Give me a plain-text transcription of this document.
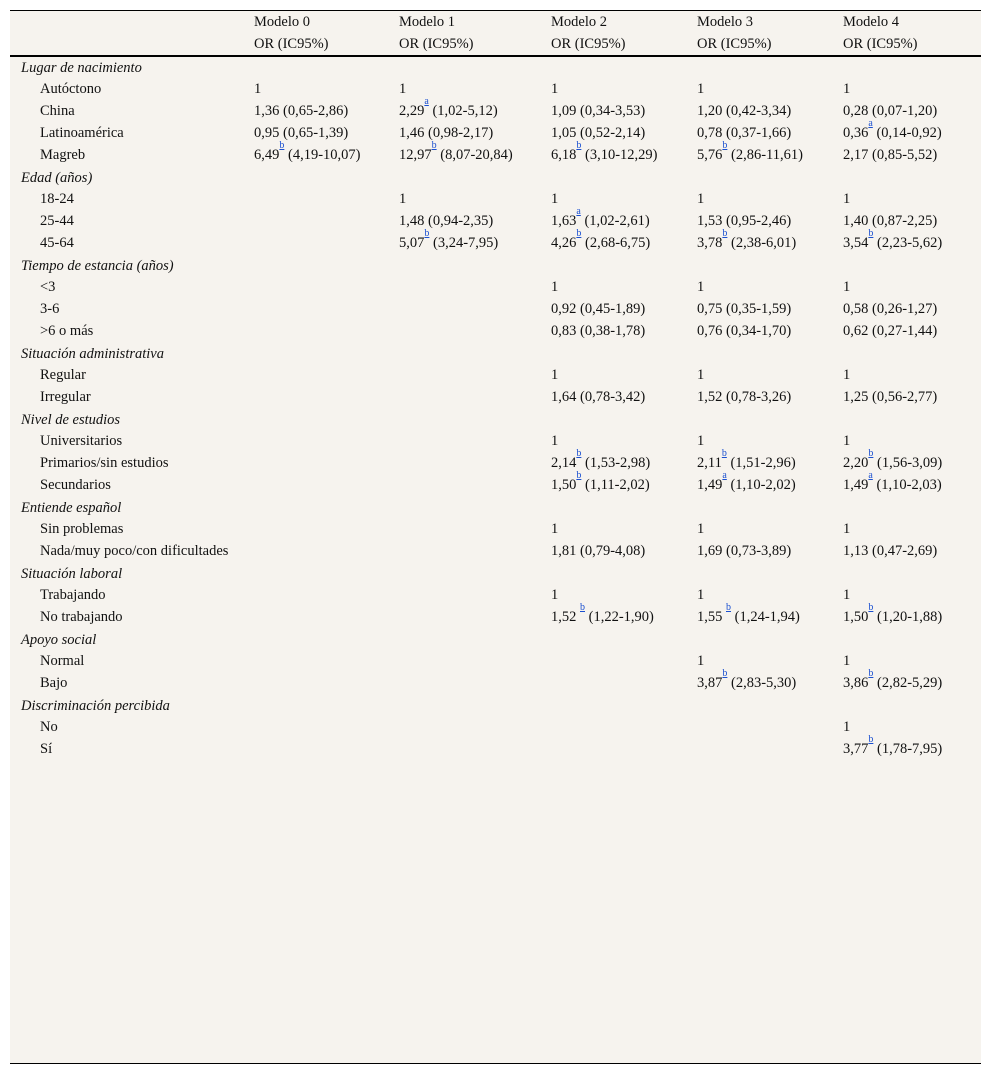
	Modelo 0	Modelo 1	Modelo 2	Modelo 3	Modelo 4
	OR (IC95%)	OR (IC95%)	OR (IC95%)	OR (IC95%)	OR (IC95%)
Lugar de nacimiento					
Autóctono	1	1	1	1	1
China	1,36 (0,65-2,86)	2,29$^a$ (1,02-5,12)	1,09 (0,34-3,53)	1,20 (0,42-3,34)	0,28 (0,07-1,20)
Latinoamérica	0,95 (0,65-1,39)	1,46 (0,98-2,17)	1,05 (0,52-2,14)	0,78 (0,37-1,66)	0,36$^a$ (0,14-0,92)
Magreb	6,49$^b$ (4,19-10,07)	12,97$^b$ (8,07-20,84)	6,18$^b$ (3,10-12,29)	5,76$^b$ (2,86-11,61)	2,17 (0,85-5,52)
Edad (años)					
18-24		1	1	1	1
25-44		1,48 (0,94-2,35)	1,63$^a$ (1,02-2,61)	1,53 (0,95-2,46)	1,40 (0,87-2,25)
45-64		5,07$^b$ (3,24-7,95)	4,26$^b$ (2,68-6,75)	3,78$^b$ (2,38-6,01)	3,54$^b$ (2,23-5,62)
Tiempo de estancia (años)					
<3			1	1	1
3-6			0,92 (0,45-1,89)	0,75 (0,35-1,59)	0,58 (0,26-1,27)
>6 o más			0,83 (0,38-1,78)	0,76 (0,34-1,70)	0,62 (0,27-1,44)
Situación administrativa					
Regular			1	1	1
Irregular			1,64 (0,78-3,42)	1,52 (0,78-3,26)	1,25 (0,56-2,77)
Nivel de estudios					
Universitarios			1	1	1
Primarios/sin estudios			2,14$^b$ (1,53-2,98)	2,11$^b$ (1,51-2,96)	2,20$^b$ (1,56-3,09)
Secundarios			1,50$^b$ (1,11-2,02)	1,49$^a$ (1,10-2,02)	1,49$^a$ (1,10-2,03)
Entiende español					
Sin problemas			1	1	1
Nada/muy poco/con dificultades			1,81 (0,79-4,08)	1,69 (0,73-3,89)	1,13 (0,47-2,69)
Situación laboral					
Trabajando			1	1	1
No trabajando			1,52 $^b$ (1,22-1,90)	1,55 $^b$ (1,24-1,94)	1,50$^b$ (1,20-1,88)
Apoyo social					
Normal				1	1
Bajo				3,87$^b$ (2,83-5,30)	3,86$^b$ (2,82-5,29)
Discriminación percibida					
No					1
Sí					3,77$^b$ (1,78-7,95)
